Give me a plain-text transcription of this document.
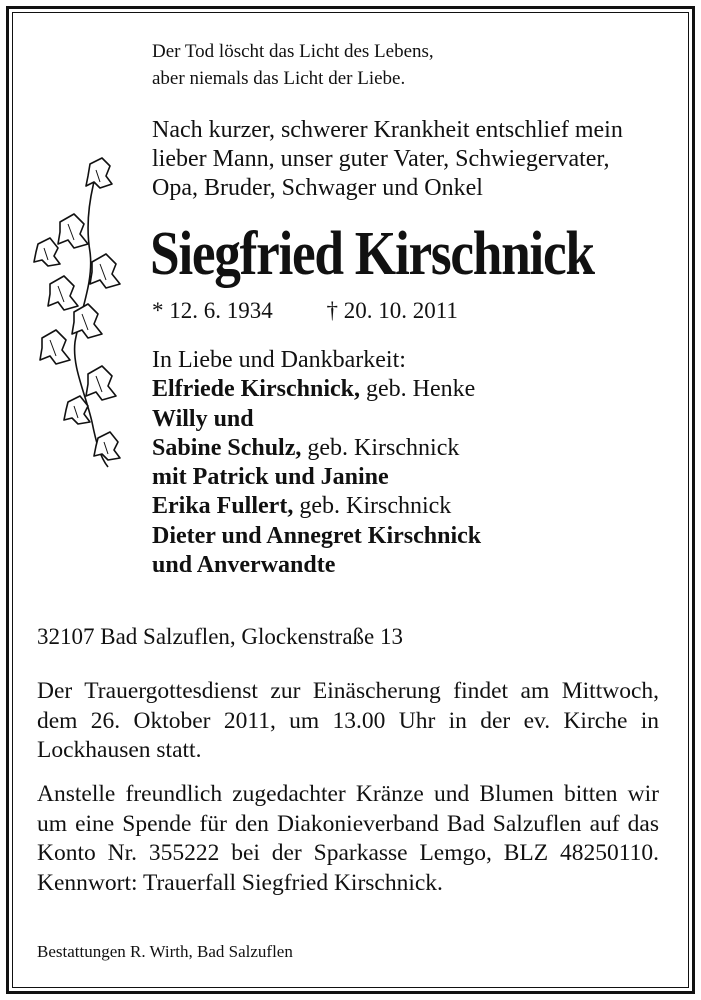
Der Tod löscht das Licht des Lebens,
aber niemals das Licht der Liebe.
Nach kurzer, schwerer Krankheit entschlief mein
lieber Mann, unser guter Vater, Schwiegervater,
Opa, Bruder, Schwager und Onkel
Siegfried Kirschnick
* 12. 6. 1934 † 20. 10. 2011
In Liebe und Dankbarkeit:
Elfriede Kirschnick, geb. Henke
Willy und
Sabine Schulz, geb. Kirschnick
mit Patrick und Janine
Erika Fullert, geb. Kirschnick
Dieter und Annegret Kirschnick
und Anverwandte
32107 Bad Salzuflen, Glockenstraße 13
Der Trauergottesdienst zur Einäscherung findet am Mittwoch, dem 26. Oktober 2011, um 13.00 Uhr in der ev. Kirche in Lockhausen statt.
Anstelle freundlich zugedachter Kränze und Blumen bitten wir um eine Spende für den Diakonieverband Bad Salzuflen auf das Konto Nr. 355222 bei der Sparkasse Lemgo, BLZ 48250110. Kennwort: Trauerfall Siegfried Kirschnick.
Bestattungen R. Wirth, Bad Salzuflen
